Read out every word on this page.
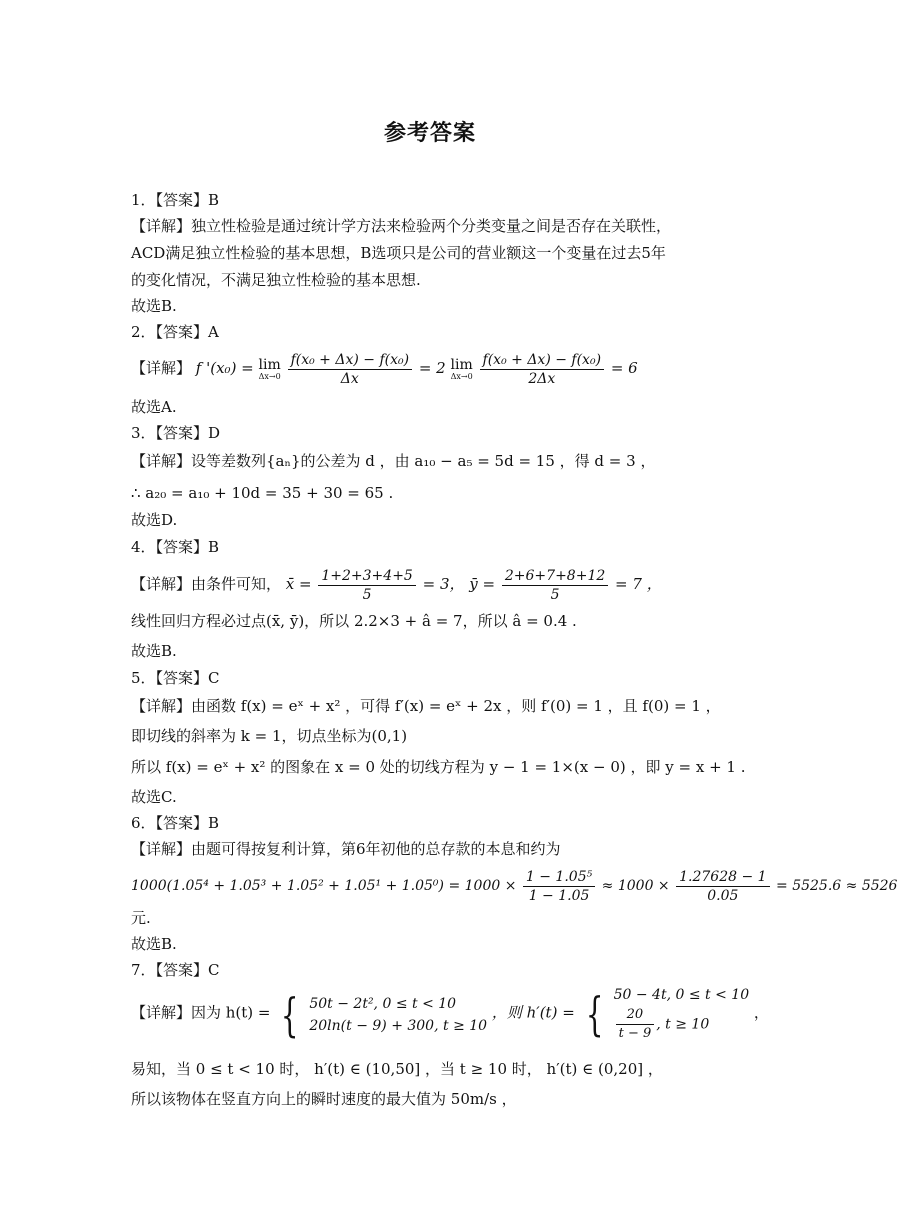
参考答案
1．【答案】B
【详解】独立性检验是通过统计学方法来检验两个分类变量之间是否存在关联性，
ACD满足独立性检验的基本思想，B选项只是公司的营业额这一个变量在过去5年
的变化情况，不满足独立性检验的基本思想.
故选B.
2．【答案】A
【详解】 f '(x₀) = lim
Δx→0
$\frac{\text{f(x₀ + Δx) − f(x₀)}}{\Delta x} = 2$ lim
Δx→0
$\frac{\text{f(x₀ + Δx) − f(x₀)}}{2\Delta x} = 6$
故选A.
3．【答案】D
【详解】设等差数列{aₙ}的公差为 d ，由 a₁₀ − a₅ = 5d = 15 ，得 d = 3 ，
∴ a₂₀ = a₁₀ + 10d = 35 + 30 = 65 .
故选D.
4．【答案】B
【详解】由条件可知， x̄ = $\frac{1+2+3+4+5}{5} = 3$， ȳ = $\frac{2+6+7+8+12}{5} = 7$ ，
线性回归方程必过点(x̄, ȳ)，所以 2.2×3 + â = 7，所以 â = 0.4 .
故选B.
5．【答案】C
【详解】由函数 f(x) = eˣ + x² ，可得 f′(x) = eˣ + 2x ，则 f′(0) = 1 ，且 f(0) = 1 ，
即切线的斜率为 k = 1，切点坐标为(0,1)
所以 f(x) = eˣ + x² 的图象在 x = 0 处的切线方程为 y − 1 = 1×(x − 0) ，即 y = x + 1 .
故选C.
6．【答案】B
【详解】由题可得按复利计算，第6年初他的总存款的本息和约为
$1000(1.05^4 + 1.05^3 + 1.05^2 + 1.05^1 + 1.05^0) = 1000 \times \frac{\text{1 − 1.05⁵}}{1 - 1.05} \approx 1000 \times \frac{1.27628 - 1}{0.05} = 5525.6 \approx 5526$
元.
故选B.
7．【答案】C
【详解】因为 h(t) = { 50t − 2t², 0 ≤ t < 10
20ln(t − 9) + 300, t ≥ 10
，则 h′(t) = { 50 − 4t, 0 ≤ t < 10
$\frac{20}{t - 9}$ , t ≥ 10
，
易知，当 0 ≤ t < 10 时， h′(t) ∈ (10,50] ，当 t ≥ 10 时， h′(t) ∈ (0,20] ，
所以该物体在竖直方向上的瞬时速度的最大值为 50m/s ，
